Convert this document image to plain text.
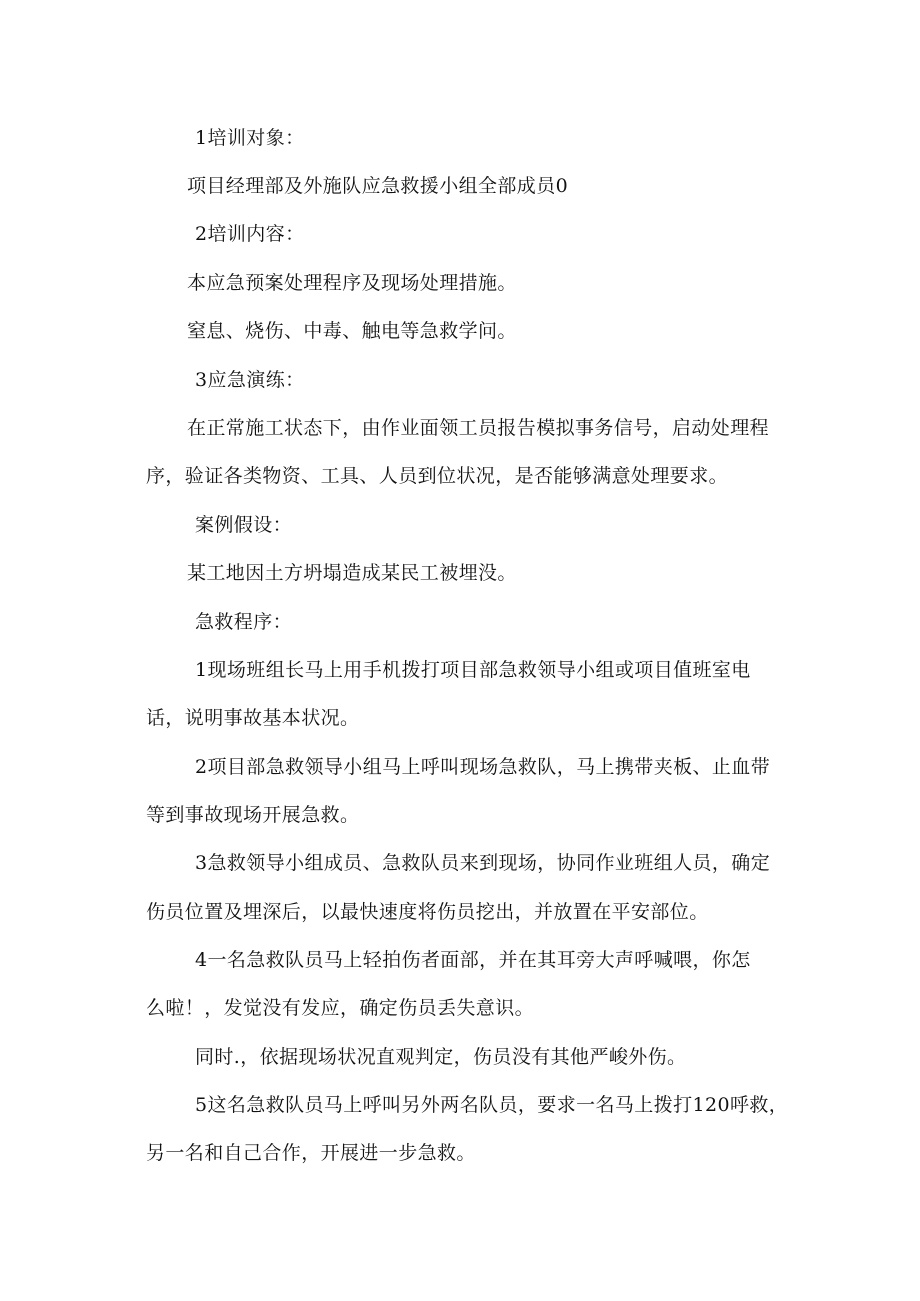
1培训对象：

项目经理部及外施队应急救援小组全部成员0

2培训内容：

本应急预案处理程序及现场处理措施。

窒息、烧伤、中毒、触电等急救学问。

3应急演练：

在正常施工状态下，由作业面领工员报告模拟事务信号，启动处理程

序，验证各类物资、工具、人员到位状况，是否能够满意处理要求。

案例假设：

某工地因土方坍塌造成某民工被埋没。

急救程序：

1现场班组长马上用手机拨打项目部急救领导小组或项目值班室电

话，说明事故基本状况。

2项目部急救领导小组马上呼叫现场急救队，马上携带夹板、止血带

等到事故现场开展急救。

3急救领导小组成员、急救队员来到现场，协同作业班组人员，确定

伤员位置及埋深后，以最快速度将伤员挖出，并放置在平安部位。

4一名急救队员马上轻拍伤者面部，并在其耳旁大声呼喊喂，你怎

么啦！，发觉没有发应，确定伤员丢失意识。

同时.，依据现场状况直观判定，伤员没有其他严峻外伤。

5这名急救队员马上呼叫另外两名队员，要求一名马上拨打120呼救，

另一名和自己合作，开展进一步急救。
